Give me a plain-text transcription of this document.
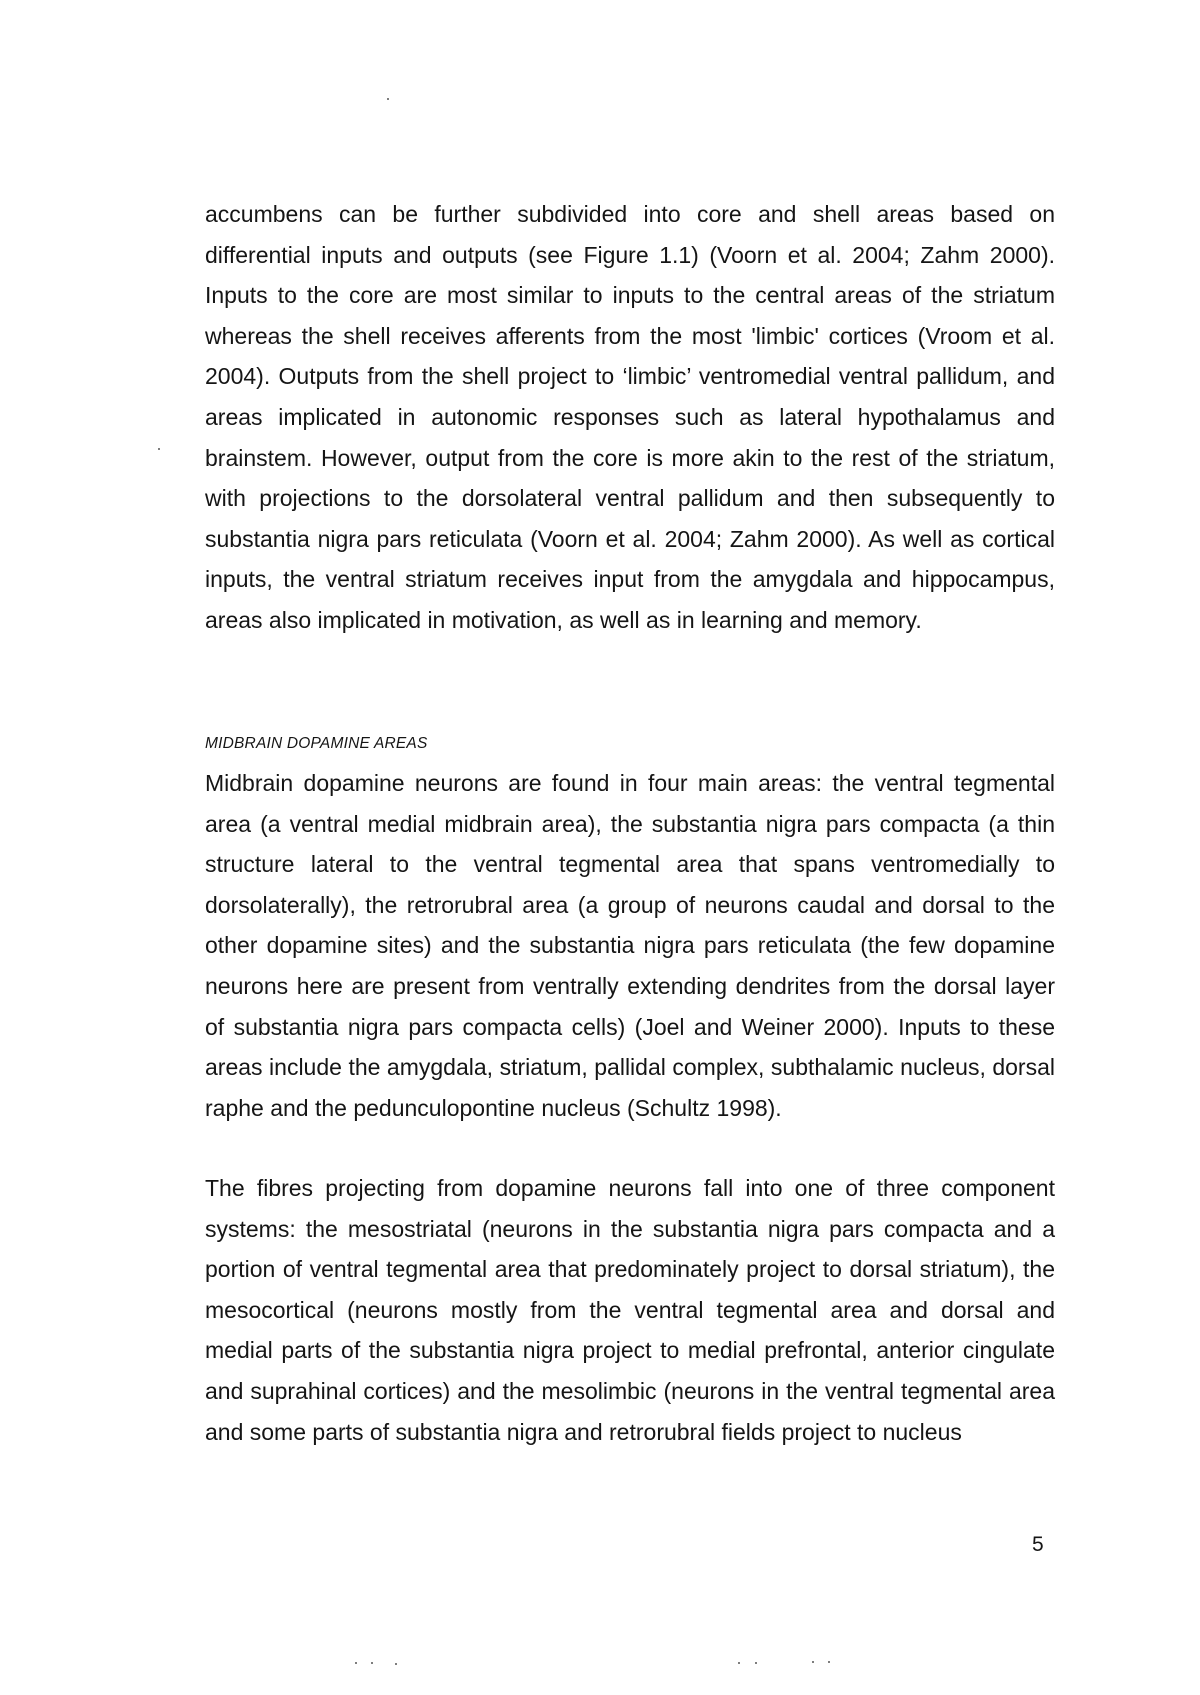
accumbens can be further subdivided into core and shell areas based on differential inputs and outputs (see Figure 1.1) (Voorn et al. 2004; Zahm 2000). Inputs to the core are most similar to inputs to the central areas of the striatum whereas the shell receives afferents from the most 'limbic' cortices (Vroom et al. 2004). Outputs from the shell project to ‘limbic’ ventromedial ventral pallidum, and areas implicated in autonomic responses such as lateral hypothalamus and brainstem. However, output from the core is more akin to the rest of the striatum, with projections to the dorsolateral ventral pallidum and then subsequently to substantia nigra pars reticulata (Voorn et al. 2004; Zahm 2000). As well as cortical inputs, the ventral striatum receives input from the amygdala and hippocampus, areas also implicated in motivation, as well as in learning and memory.

MIDBRAIN DOPAMINE AREAS

Midbrain dopamine neurons are found in four main areas: the ventral tegmental area (a ventral medial midbrain area), the substantia nigra pars compacta (a thin structure lateral to the ventral tegmental area that spans ventromedially to dorsolaterally), the retrorubral area (a group of neurons caudal and dorsal to the other dopamine sites) and the substantia nigra pars reticulata (the few dopamine neurons here are present from ventrally extending dendrites from the dorsal layer of substantia nigra pars compacta cells) (Joel and Weiner 2000). Inputs to these areas include the amygdala, striatum, pallidal complex, subthalamic nucleus, dorsal raphe and the pedunculopontine nucleus (Schultz 1998).

The fibres projecting from dopamine neurons fall into one of three component systems: the mesostriatal (neurons in the substantia nigra pars compacta and a portion of ventral tegmental area that predominately project to dorsal striatum), the mesocortical (neurons mostly from the ventral tegmental area and dorsal and medial parts of the substantia nigra project to medial prefrontal, anterior cingulate and suprahinal cortices) and the mesolimbic (neurons in the ventral tegmental area and some parts of substantia nigra and retrorubral fields project to nucleus

5
